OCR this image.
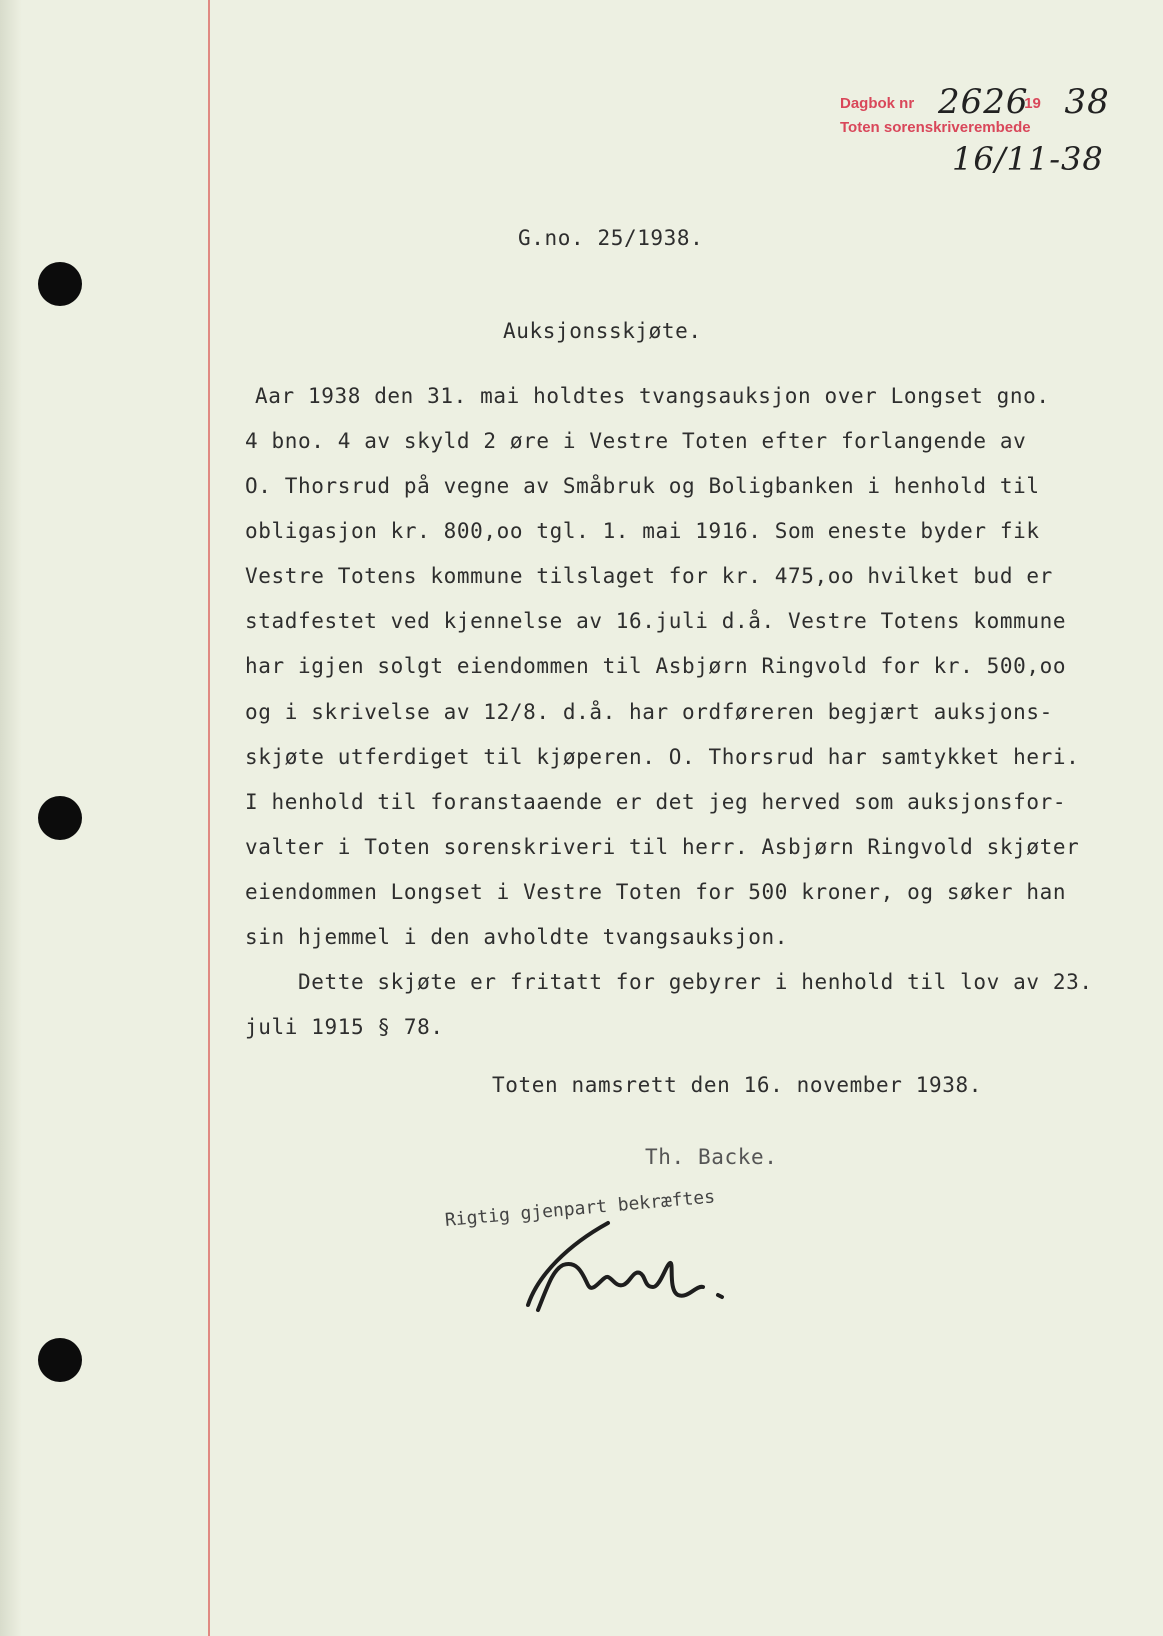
Dagbok nr	19
Toten sorenskriverembede
2626 38
16/11-38
G.no. 25/1938.
Auksjonsskjøte.
Aar 1938 den 31. mai holdtes tvangsauksjon over Longset gno.
4 bno. 4 av skyld 2 øre i Vestre Toten efter forlangende av
O. Thorsrud på vegne av Småbruk og Boligbanken i henhold til
obligasjon kr. 800,oo tgl. 1. mai 1916. Som eneste byder fik
Vestre Totens kommune tilslaget for kr. 475,oo hvilket bud er
stadfestet ved kjennelse av 16.juli d.å. Vestre Totens kommune
har igjen solgt eiendommen til Asbjørn Ringvold for kr. 500,oo
og i skrivelse av 12/8. d.å. har ordføreren begjært auksjons-
skjøte utferdiget til kjøperen. O. Thorsrud har samtykket heri.
I henhold til foranstaaende er det jeg herved som auksjonsfor-
valter i Toten sorenskriveri til herr. Asbjørn Ringvold skjøter
eiendommen Longset i Vestre Toten for 500 kroner, og søker han
sin hjemmel i den avholdte tvangsauksjon.
Dette skjøte er fritatt for gebyrer i henhold til lov av 23.
juli 1915 § 78.
Toten namsrett den 16. november 1938.
Th. Backe.
Rigtig gjenpart bekræftes
